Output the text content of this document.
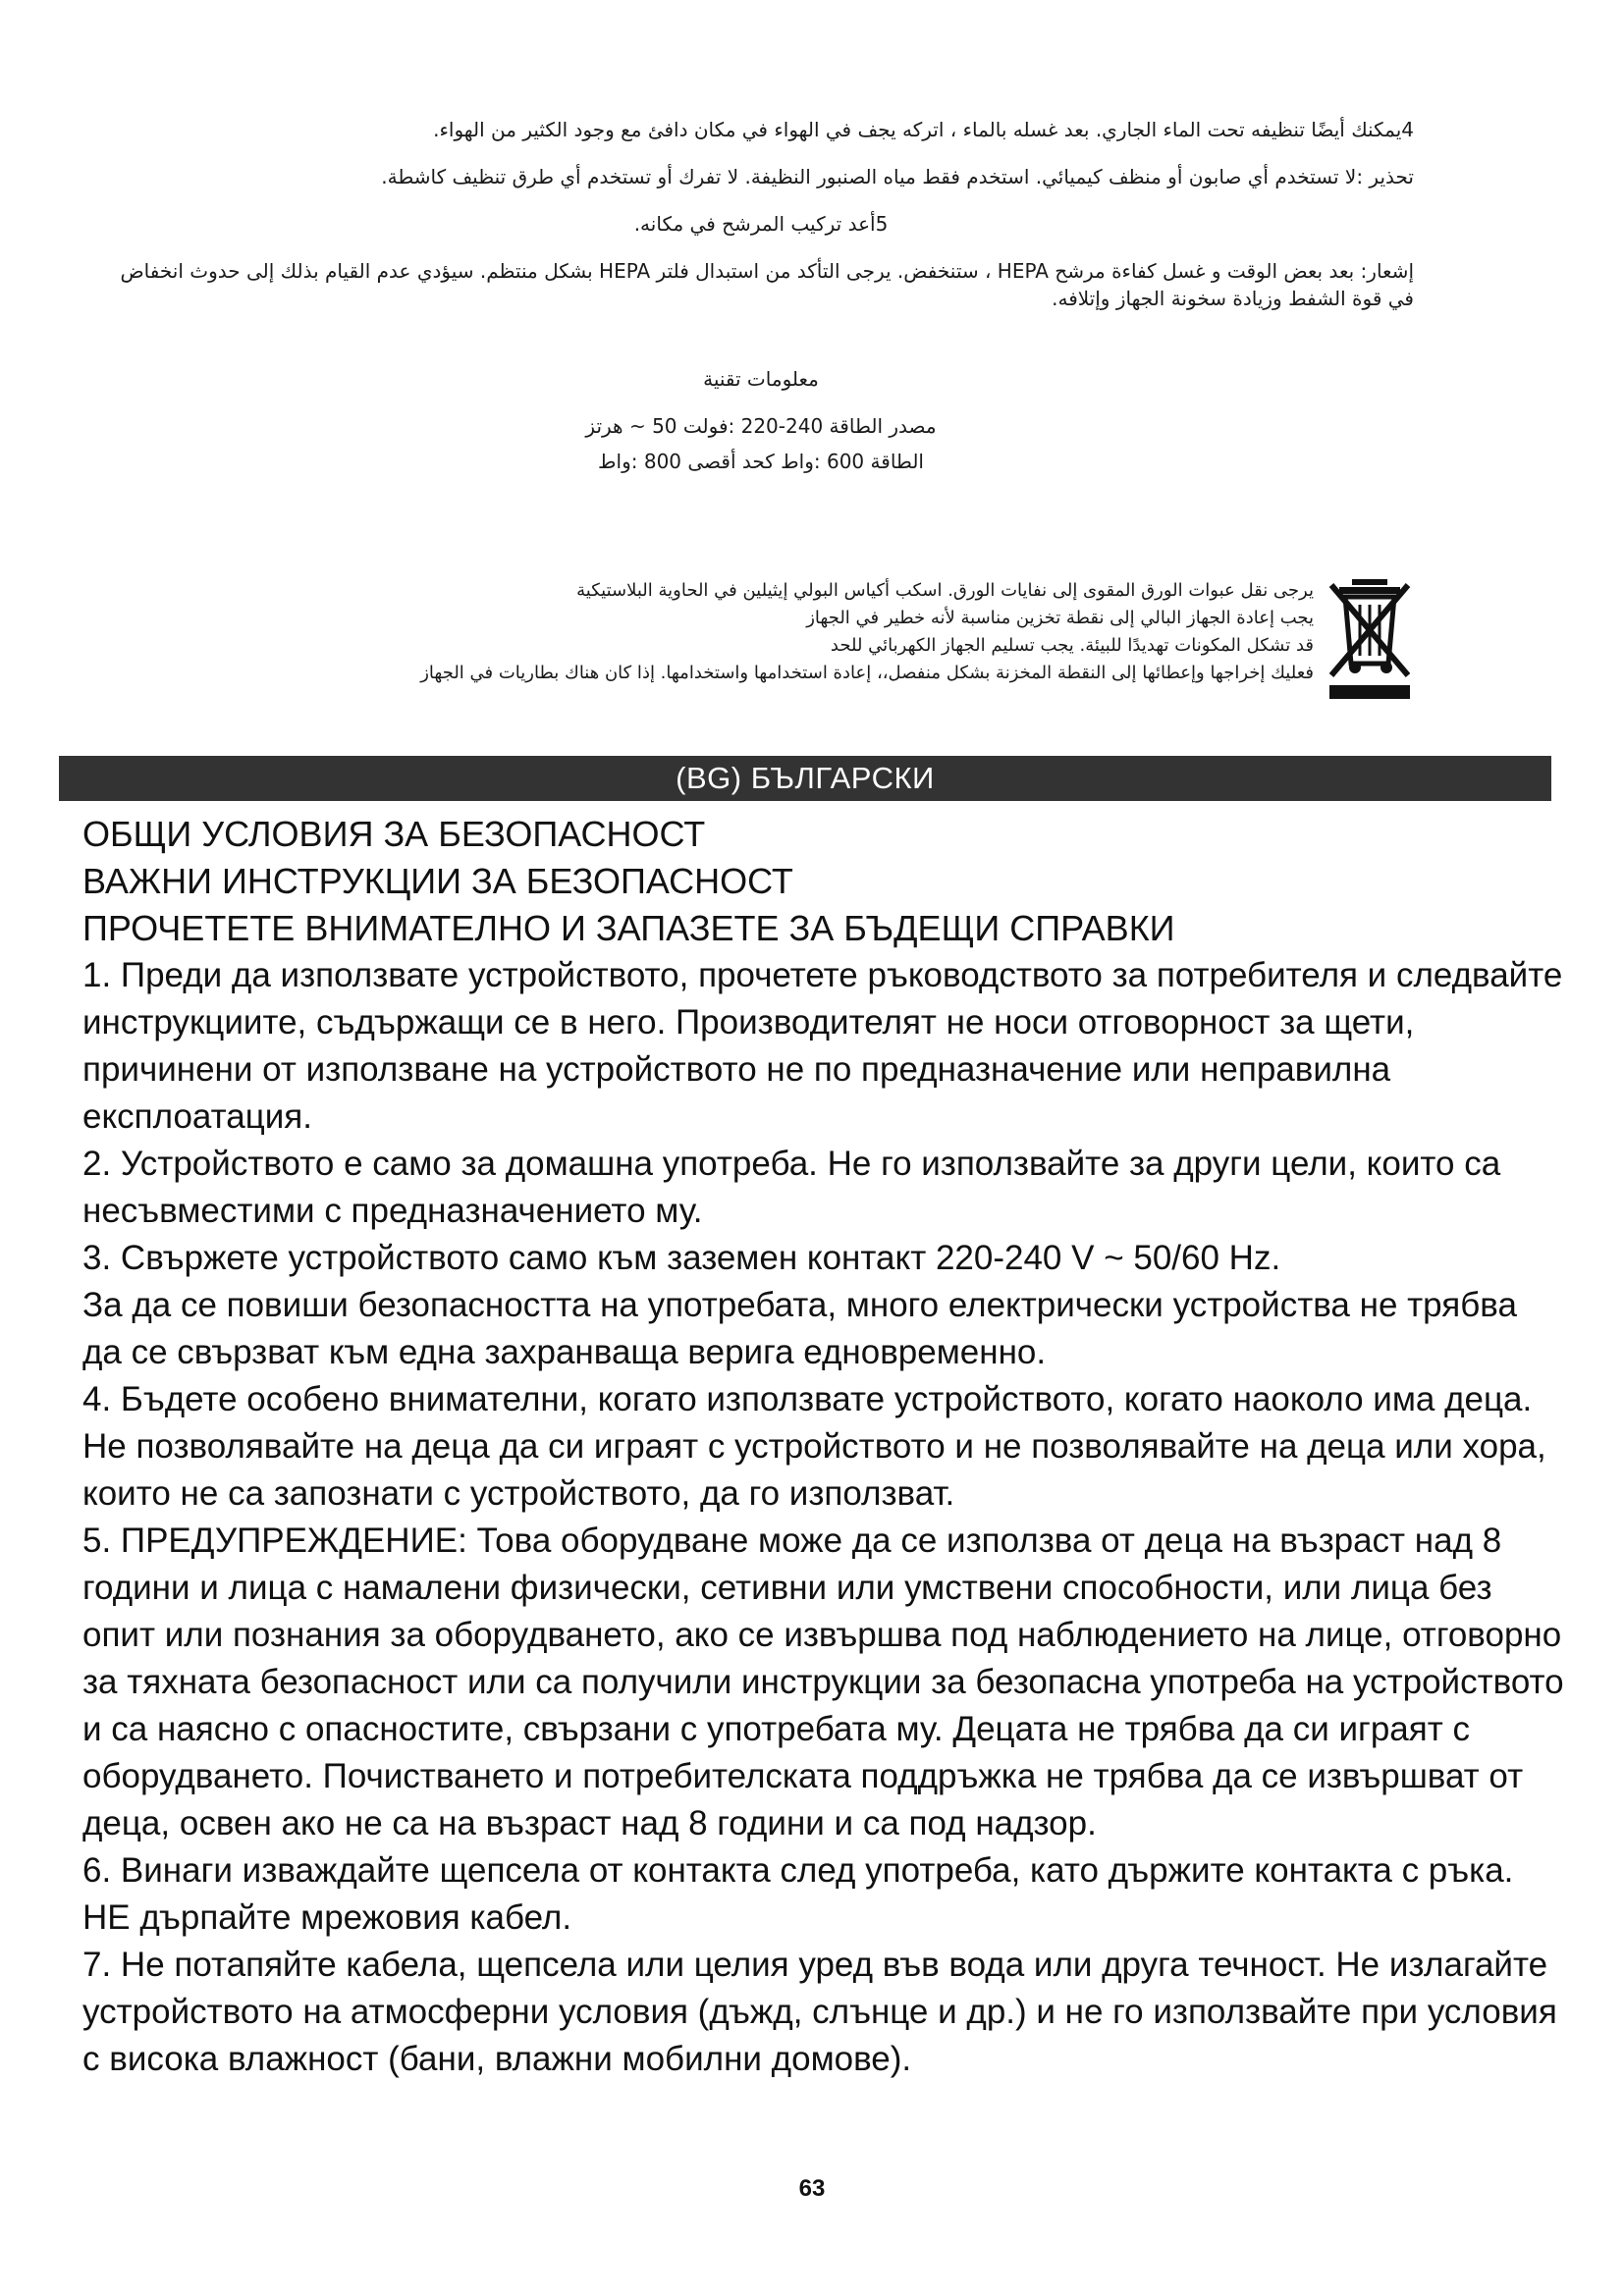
4يمكنك أيضًا تنظيفه تحت الماء الجاري. بعد غسله بالماء ، اتركه يجف في الهواء في مكان دافئ مع وجود الكثير من الهواء.

تحذير :لا تستخدم أي صابون أو منظف كيميائي. استخدم فقط مياه الصنبور النظيفة. لا تفرك أو تستخدم أي طرق تنظيف كاشطة.

5أعد تركيب المرشح في مكانه.

إشعار: بعد بعض الوقت و غسل كفاءة مرشح HEPA ، ستنخفض. يرجى التأكد من استبدال فلتر HEPA بشكل منتظم. سيؤدي عدم القيام بذلك إلى حدوث انخفاض في قوة الشفط وزيادة سخونة الجهاز وإتلافه.

معلومات تقنية

مصدر الطاقة 240-220 :فولت 50 ~ هرتز

الطاقة 600 :واط كحد أقصى 800 :واط

يرجى نقل عبوات الورق المقوى إلى نفايات الورق. اسكب أكياس البولي إيثيلين في الحاوية البلاستيكية

يجب إعادة الجهاز البالي إلى نقطة تخزين مناسبة لأنه خطير في الجهاز

قد تشكل المكونات تهديدًا للبيئة. يجب تسليم الجهاز الكهربائي للحد

فعليك إخراجها وإعطائها إلى النقطة المخزنة بشكل منفصل،، إعادة استخدامها واستخدامها. إذا كان هناك بطاريات في الجهاز

(BG) БЪЛГАРСКИ
ОБЩИ УСЛОВИЯ ЗА БЕЗОПАСНОСТ
ВАЖНИ ИНСТРУКЦИИ ЗА БЕЗОПАСНОСТ
ПРОЧЕТЕТЕ ВНИМАТЕЛНО И ЗАПАЗЕТЕ ЗА БЪДЕЩИ СПРАВКИ

1. Преди да използвате устройството, прочетете ръководството за потребителя и следвайте инструкциите, съдържащи се в него. Производителят не носи отговорност за щети, причинени от използване на устройството не по предназначение или неправилна експлоатация.

2. Устройството е само за домашна употреба. Не го използвайте за други цели, които са несъвместими с предназначението му.

3. Свържете устройството само към заземен контакт 220-240 V ~ 50/60 Hz.

За да се повиши безопасността на употребата, много електрически устройства не трябва да се свързват към една захранваща верига едновременно.

4. Бъдете особено внимателни, когато използвате устройството, когато наоколо има деца. Не позволявайте на деца да си играят с устройството и не позволявайте на деца или хора, които не са запознати с устройството, да го използват.

5. ПРЕДУПРЕЖДЕНИЕ: Това оборудване може да се използва от деца на възраст над 8 години и лица с намалени физически, сетивни или умствени способности, или лица без опит или познания за оборудването, ако се извършва под наблюдението на лице, отговорно за тяхната безопасност или са получили инструкции за безопасна употреба на устройството и са наясно с опасностите, свързани с употребата му. Децата не трябва да си играят с оборудването. Почистването и потребителската поддръжка не трябва да се извършват от деца, освен ако не са на възраст над 8 години и са под надзор.

6. Винаги изваждайте щепсела от контакта след употреба, като държите контакта с ръка. НЕ дърпайте мрежовия кабел.

7. Не потапяйте кабела, щепсела или целия уред във вода или друга течност. Не излагайте устройството на атмосферни условия (дъжд, слънце и др.) и не го използвайте при условия с висока влажност (бани, влажни мобилни домове).

63
